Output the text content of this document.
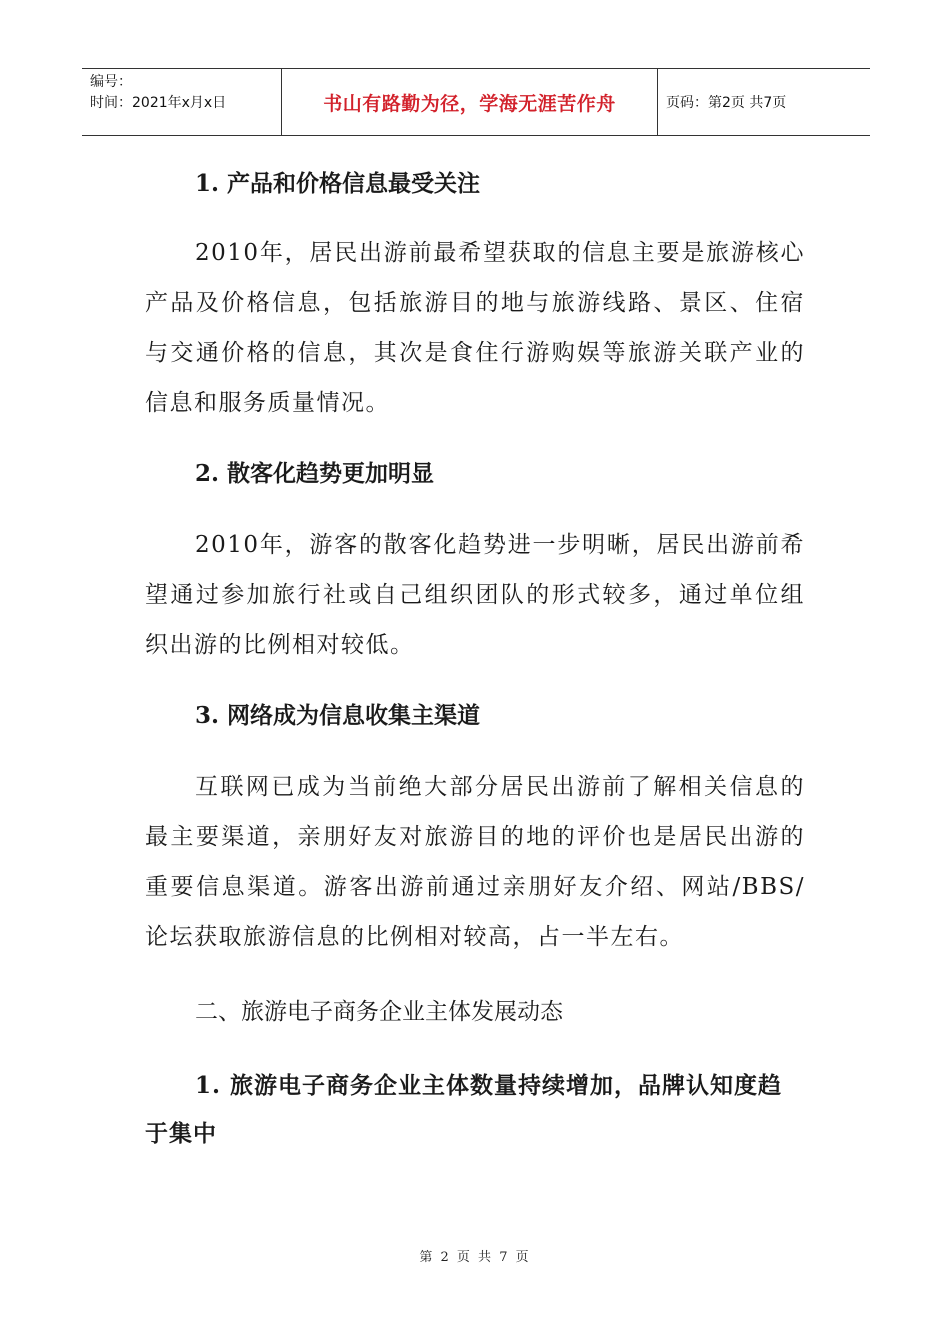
编号：
时间：2021年x月x日	书山有路勤为径，学海无涯苦作舟	页码：第2页 共7页

1. 产品和价格信息最受关注

2010年，居民出游前最希望获取的信息主要是旅游核心产品及价格信息，包括旅游目的地与旅游线路、景区、住宿与交通价格的信息，其次是食住行游购娱等旅游关联产业的信息和服务质量情况。

2. 散客化趋势更加明显

2010年，游客的散客化趋势进一步明晰，居民出游前希望通过参加旅行社或自己组织团队的形式较多，通过单位组织出游的比例相对较低。

3. 网络成为信息收集主渠道

互联网已成为当前绝大部分居民出游前了解相关信息的最主要渠道，亲朋好友对旅游目的地的评价也是居民出游的重要信息渠道。游客出游前通过亲朋好友介绍、网站/BBS/论坛获取旅游信息的比例相对较高，占一半左右。

二、旅游电子商务企业主体发展动态

1. 旅游电子商务企业主体数量持续增加，品牌认知度趋于集中

第 2 页 共 7 页
